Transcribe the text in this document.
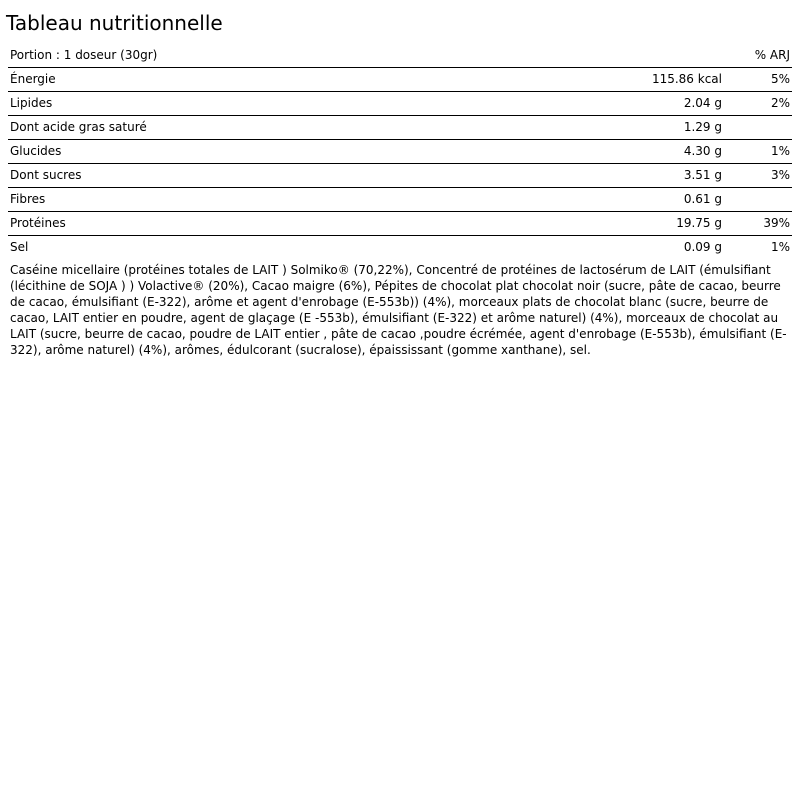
Tableau nutritionnelle
Portion : 1 doseur (30gr)		% ARJ
Énergie	115.86 kcal	5%
Lipides	2.04 g	2%
Dont acide gras saturé	1.29 g	
Glucides	4.30 g	1%
Dont sucres	3.51 g	3%
Fibres	0.61 g	
Protéines	19.75 g	39%
Sel	0.09 g	1%

Caséine micellaire (protéines totales de LAIT ) Solmiko® (70,22%), Concentré de protéines de lactosérum de LAIT (émulsifiant (lécithine de SOJA ) ) Volactive® (20%), Cacao maigre (6%), Pépites de chocolat plat chocolat noir (sucre, pâte de cacao, beurre de cacao, émulsifiant (E-322), arôme et agent d'enrobage (E-553b)) (4%), morceaux plats de chocolat blanc (sucre, beurre de cacao, LAIT entier en poudre, agent de glaçage (E -553b), émulsifiant (E-322) et arôme naturel) (4%), morceaux de chocolat au LAIT (sucre, beurre de cacao, poudre de LAIT entier , pâte de cacao ,poudre écrémée, agent d'enrobage (E-553b), émulsifiant (E-322), arôme naturel) (4%), arômes, édulcorant (sucralose), épaississant (gomme xanthane), sel.
